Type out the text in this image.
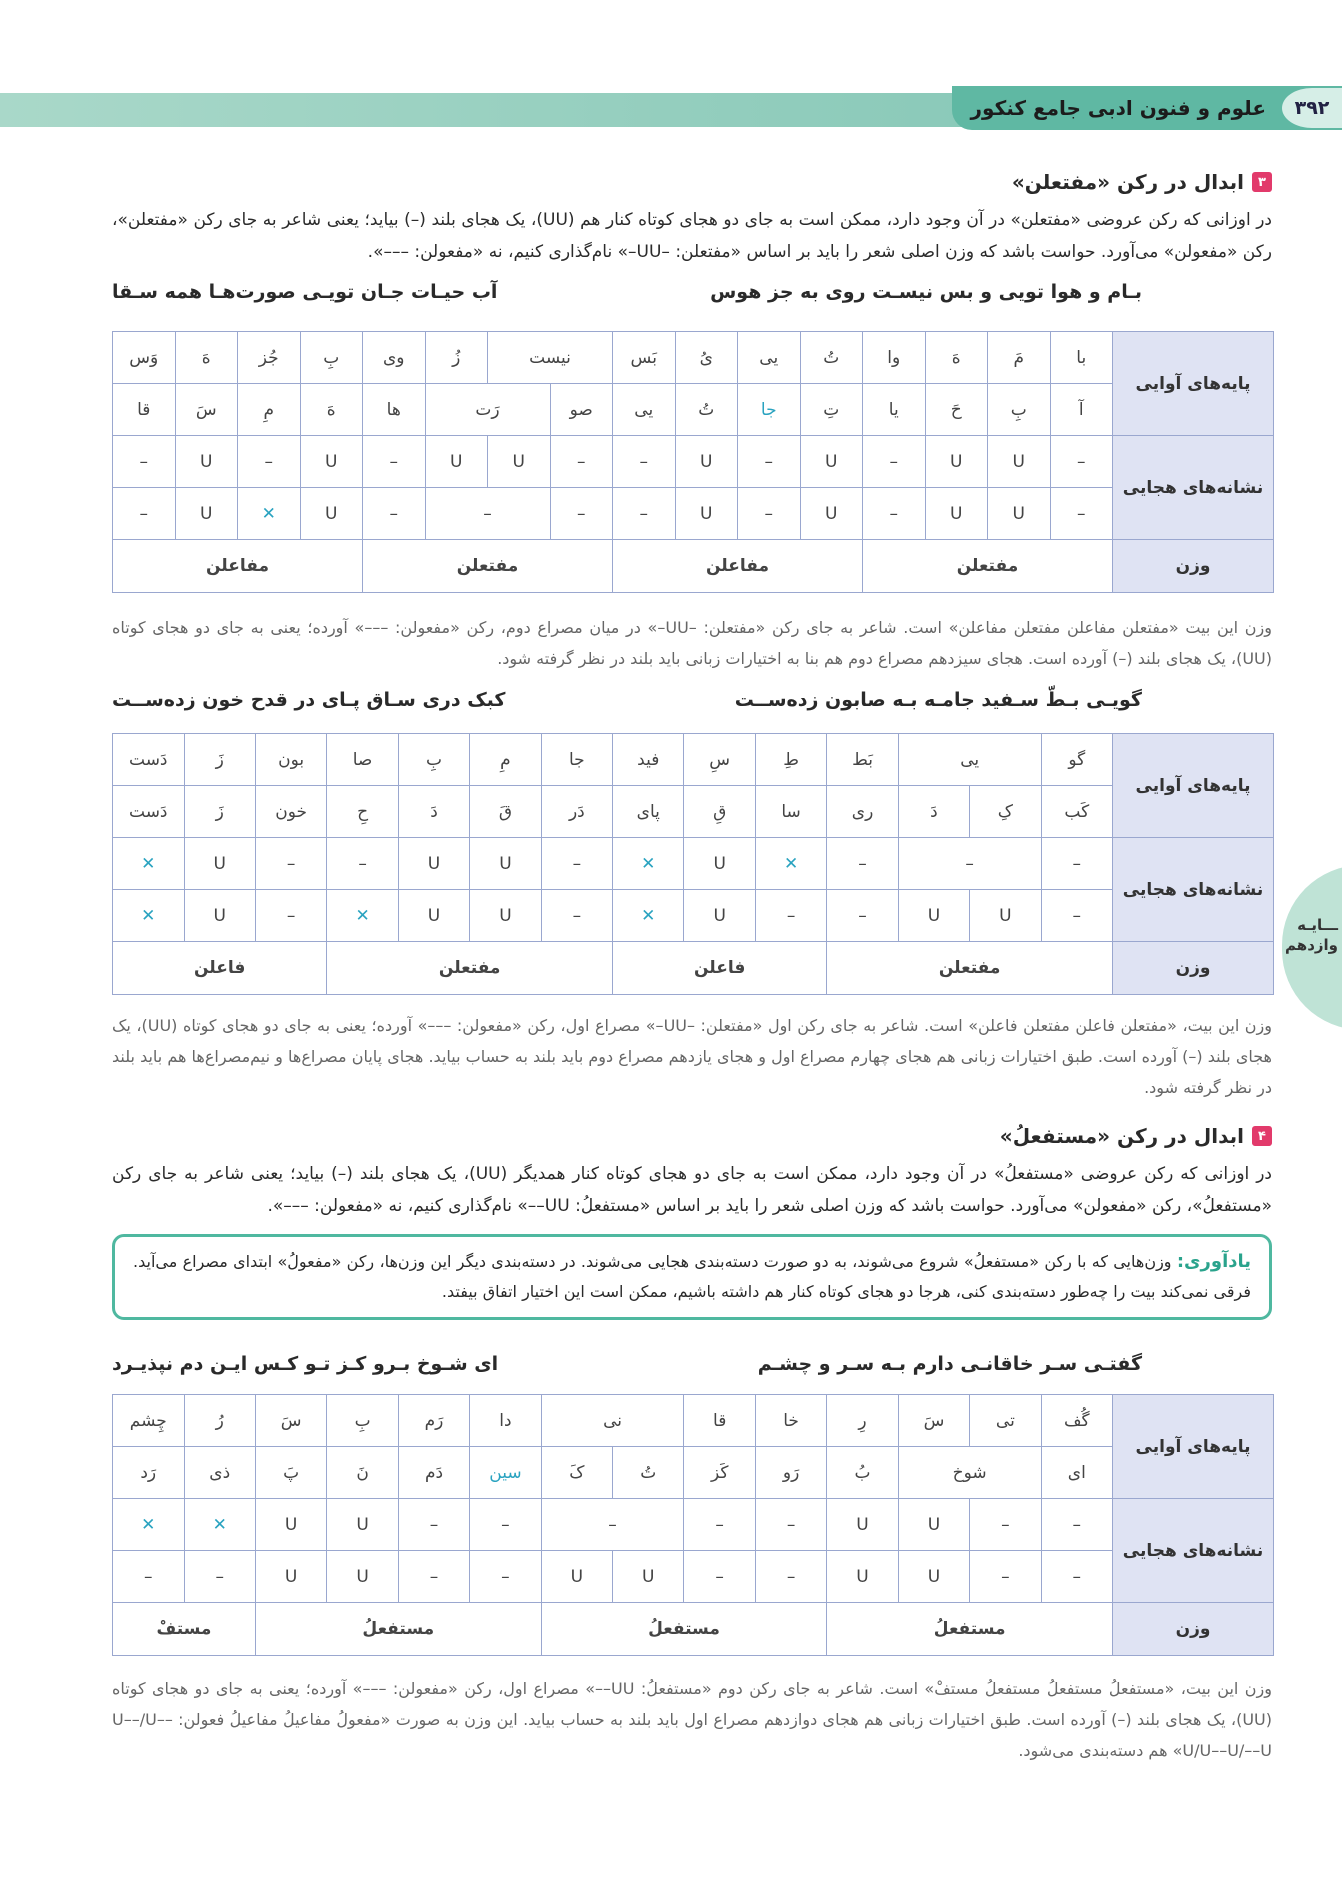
۳۹۲
علوم و فنون ادبی جامع کنکور
ـــایـه
وازدهم
۳
ابدال در رکن «مفتعلن»
در اوزانی که رکن عروضی «مفتعلن» در آن وجود دارد، ممکن است به جای دو هجای کوتاه کنار هم (UU)، یک هجای بلند (–) بیاید؛ یعنی شاعر به جای رکن «مفتعلن»، رکن «مفعولن» می‌آورد. حواست باشد که وزن اصلی شعر را باید بر اساس «مفتعلن: –UU–» نام‌گذاری کنیم، نه «مفعولن: –––».
بـام و هوا تویی و بس نیسـت روی به جز هوس
آب حیـات جـان تویـی صورت‌هـا همه سـقا
پایه‌های آوایی	با	مَ	هَ	وا	تُ	یی	یُ	بَس	نیست		زُ	وی	بِ	جُز	هَ	وَس
	آ	بِ	حَ	یا	تِ	جا	تُ	یی	صو	رَت		ها	هَ	مِ	سَ	قا
نشانه‌های هجایی	–	U	U	–	U	–	U	–	–	U	U	–	U	–	U	–
	–	U	U	–	U	–	U	–	–	–		–	U	✕	U	–
وزن	مفتعلن				مفاعلن				مفتعلن				مفاعلن			
وزن این بیت «مفتعلن مفاعلن مفتعلن مفاعلن» است. شاعر به جای رکن «مفتعلن: –UU–» در میان مصراع دوم، رکن «مفعولن: –––» آورده؛ یعنی به جای دو هجای کوتاه (UU)، یک هجای بلند (–) آورده است. هجای سیزدهم مصراع دوم هم بنا به اختیارات زبانی باید بلند در نظر گرفته شود.
گویـی بـطّ سـفید جامـه بـه صابون زده‌ســت
کبک دری سـاق پـای در قدح خون زده‌ســت
پایه‌های آوایی	گو	یی		بَط	طِ	سِ	فید	جا	مِ	بِ	صا	بون	زَ	دَست
	کَب	کِ	دَ	ری	سا	قِ	پای	دَر	قَ	دَ	حِ	خون	زَ	دَست
نشانه‌های هجایی	–	–		–	✕	U	✕	–	U	U	–	–	U	✕
	–	U	U	–	–	U	✕	–	U	U	✕	–	U	✕
وزن	مفتعلن				فاعلن			مفتعلن				فاعلن		
وزن این بیت، «مفتعلن فاعلن مفتعلن فاعلن» است. شاعر به جای رکن اول «مفتعلن: –UU–» مصراع اول، رکن «مفعولن: –––» آورده؛ یعنی به جای دو هجای کوتاه (UU)، یک هجای بلند (–) آورده است. طبق اختیارات زبانی هم هجای چهارم مصراع اول و هجای یازدهم مصراع دوم باید بلند به حساب بیاید. هجای پایان مصراع‌ها و نیم‌مصراع‌ها هم باید بلند در نظر گرفته شود.
۴
ابدال در رکن «مستفعلُ»
در اوزانی که رکن عروضی «مستفعلُ» در آن وجود دارد، ممکن است به جای دو هجای کوتاه کنار همدیگر (UU)، یک هجای بلند (–) بیاید؛ یعنی شاعر به جای رکن «مستفعلُ»، رکن «مفعولن» می‌آورد. حواست باشد که وزن اصلی شعر را باید بر اساس «مستفعلُ: UU––» نام‌گذاری کنیم، نه «مفعولن: –––».
یادآوری: وزن‌هایی که با رکن «مستفعلُ» شروع می‌شوند، به دو صورت دسته‌بندی هجایی می‌شوند. در دسته‌بندی دیگر این وزن‌ها، رکن «مفعولُ» ابتدای مصراع می‌آید. فرقی نمی‌کند بیت را چه‌طور دسته‌بندی کنی، هرجا دو هجای کوتاه کنار هم داشته باشیم، ممکن است این اختیار اتفاق بیفتد.
گفتـی سـر خاقانـی دارم بـه سـر و چشـم
ای شـوخ بـرو کـز تـو کـس ایـن دم نپذیـرد
پایه‌های آوایی	گُف	تی	سَ	رِ	خا	قا	نی		دا	رَم	بِ	سَ	رُ	چِشم
	ای	شوخ		بُ	رَو	کَز	تُ	کَ	سین	دَم	نَ	پَ	ذی	رَد
نشانه‌های هجایی	–	–	U	U	–	–	–		–	–	U	U	✕	✕
	–	–	U	U	–	–	U	U	–	–	U	U	–	–
وزن	مستفعلُ				مستفعلُ				مستفعلُ				مستفْ	
وزن این بیت، «مستفعلُ مستفعلُ مستفعلُ مستفْ» است. شاعر به جای رکن دوم «مستفعلُ: UU––» مصراع اول، رکن «مفعولن: –––» آورده؛ یعنی به جای دو هجای کوتاه (UU)، یک هجای بلند (–) آورده است. طبق اختیارات زبانی هم هجای دوازدهم مصراع اول باید بلند به حساب بیاید. این وزن به صورت «مفعولُ مفاعیلُ مفاعیلُ فعولن: U––/U––U/U––U/––U» هم دسته‌بندی می‌شود.
